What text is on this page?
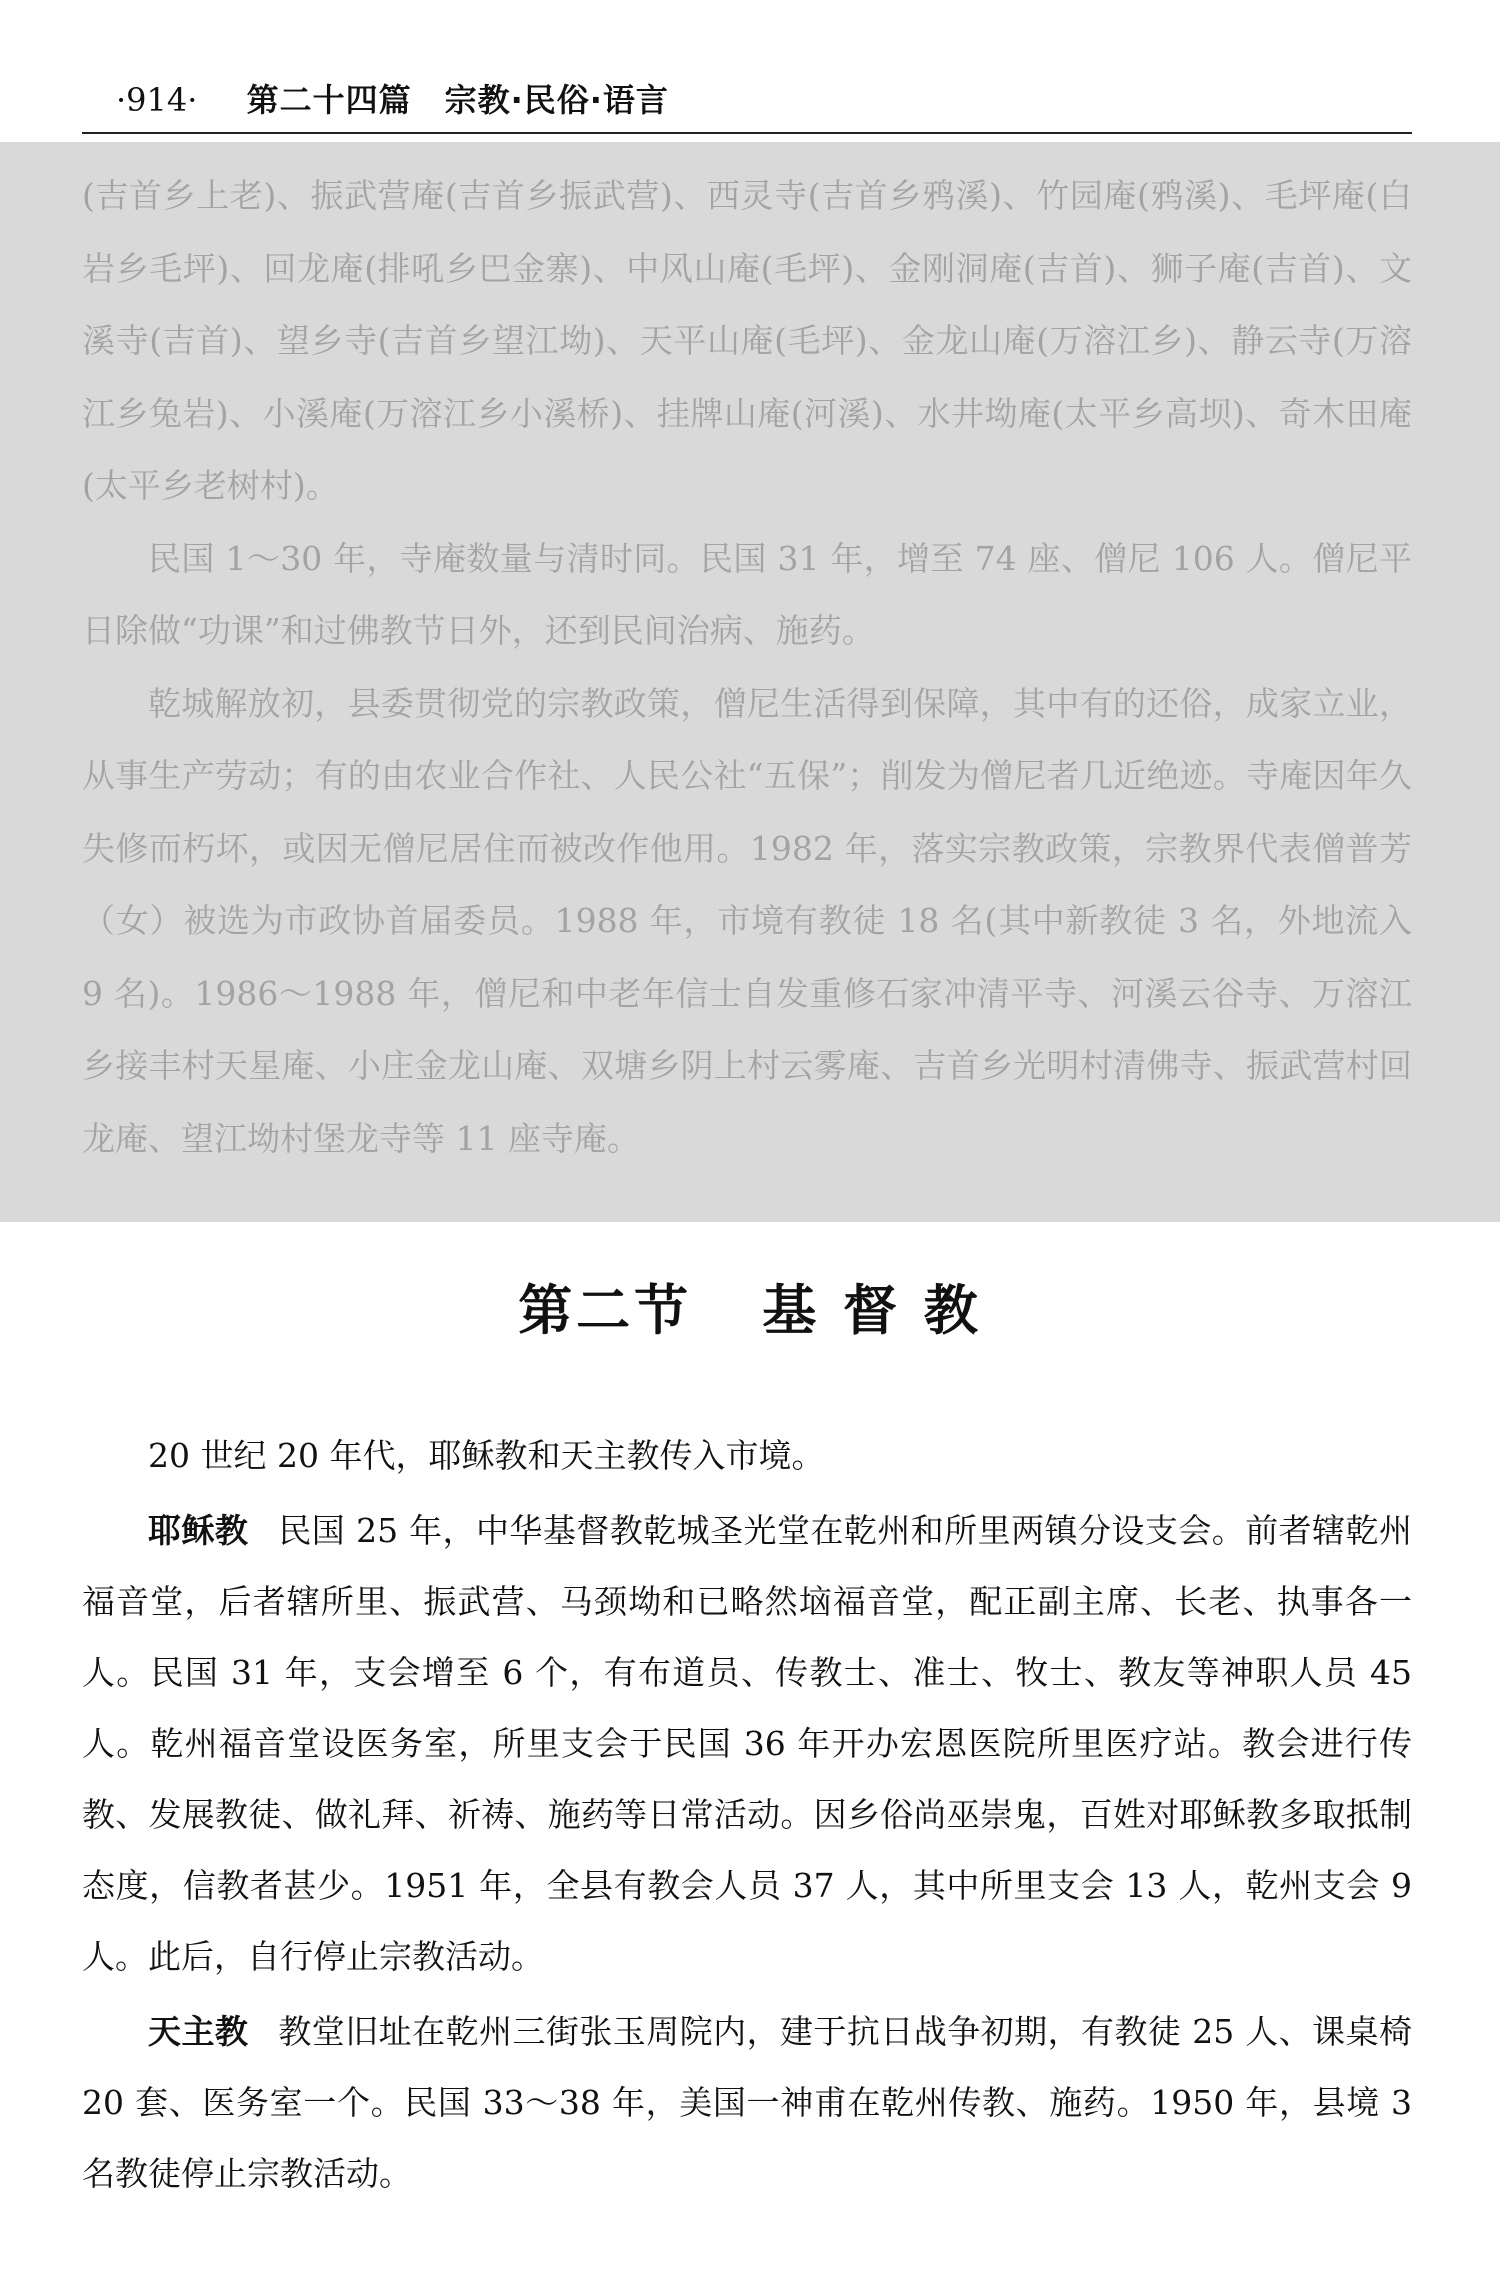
·914· 第二十四篇　宗教·民俗·语言

(吉首乡上老)、振武营庵(吉首乡振武营)、西灵寺(吉首乡鸦溪)、竹园庵(鸦溪)、毛坪庵(白岩乡毛坪)、回龙庵(排吼乡巴金寨)、中风山庵(毛坪)、金刚洞庵(吉首)、狮子庵(吉首)、文溪寺(吉首)、望乡寺(吉首乡望江坳)、天平山庵(毛坪)、金龙山庵(万溶江乡)、静云寺(万溶江乡兔岩)、小溪庵(万溶江乡小溪桥)、挂牌山庵(河溪)、水井坳庵(太平乡高坝)、奇木田庵(太平乡老树村)。

民国 1～30 年，寺庵数量与清时同。民国 31 年，增至 74 座、僧尼 106 人。僧尼平日除做“功课”和过佛教节日外，还到民间治病、施药。

乾城解放初，县委贯彻党的宗教政策，僧尼生活得到保障，其中有的还俗，成家立业，从事生产劳动；有的由农业合作社、人民公社“五保”；削发为僧尼者几近绝迹。寺庵因年久失修而朽坏，或因无僧尼居住而被改作他用。1982 年，落实宗教政策，宗教界代表僧普芳（女）被选为市政协首届委员。1988 年，市境有教徒 18 名(其中新教徒 3 名，外地流入 9 名)。1986～1988 年，僧尼和中老年信士自发重修石家冲清平寺、河溪云谷寺、万溶江乡接丰村天星庵、小庄金龙山庵、双塘乡阴上村云雾庵、吉首乡光明村清佛寺、振武营村回龙庵、望江坳村堡龙寺等 11 座寺庵。

第二节 基 督 教

20 世纪 20 年代，耶稣教和天主教传入市境。

耶稣教 民国 25 年，中华基督教乾城圣光堂在乾州和所里两镇分设支会。前者辖乾州福音堂，后者辖所里、振武营、马颈坳和已略然垴福音堂，配正副主席、长老、执事各一人。民国 31 年，支会增至 6 个，有布道员、传教士、准士、牧士、教友等神职人员 45 人。乾州福音堂设医务室，所里支会于民国 36 年开办宏恩医院所里医疗站。教会进行传教、发展教徒、做礼拜、祈祷、施药等日常活动。因乡俗尚巫崇鬼，百姓对耶稣教多取抵制态度，信教者甚少。1951 年，全县有教会人员 37 人，其中所里支会 13 人，乾州支会 9 人。此后，自行停止宗教活动。

天主教 教堂旧址在乾州三街张玉周院内，建于抗日战争初期，有教徒 25 人、课桌椅 20 套、医务室一个。民国 33～38 年，美国一神甫在乾州传教、施药。1950 年，县境 3 名教徒停止宗教活动。
